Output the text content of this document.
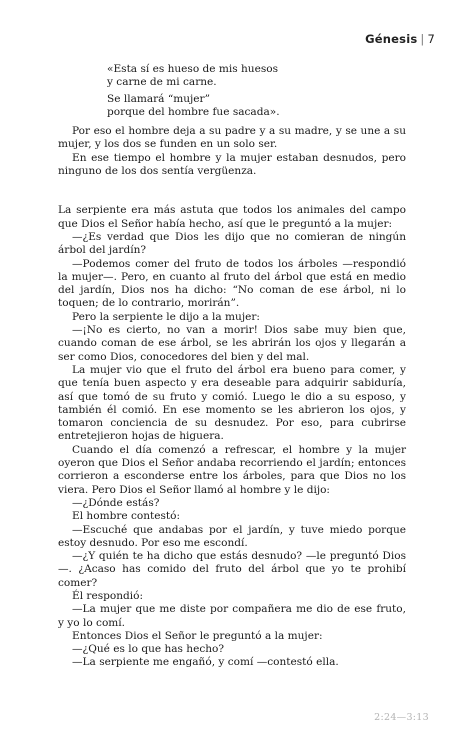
Génesis | 7
«Esta sí es hueso de mis huesos
y carne de mi carne.
Se llamará “mujer”
porque del hombre fue sacada».

Por eso el hombre deja a su padre y a su madre, y se une a su mujer, y los dos se funden en un solo ser.

En ese tiempo el hombre y la mujer estaban desnudos, pero ninguno de los dos sentía vergüenza.

La serpiente era más astuta que todos los animales del campo que Dios el Señor había hecho, así que le preguntó a la mujer:

—¿Es verdad que Dios les dijo que no comieran de ningún árbol del jardín?

—Podemos comer del fruto de todos los árboles —respondió la mujer—. Pero, en cuanto al fruto del árbol que está en medio del jardín, Dios nos ha dicho: “No coman de ese árbol, ni lo toquen; de lo contrario, morirán”.

Pero la serpiente le dijo a la mujer:

—¡No es cierto, no van a morir! Dios sabe muy bien que, cuando coman de ese árbol, se les abrirán los ojos y llegarán a ser como Dios, conocedores del bien y del mal.

La mujer vio que el fruto del árbol era bueno para comer, y que tenía buen aspecto y era deseable para adquirir sabiduría, así que tomó de su fruto y comió. Luego le dio a su esposo, y también él comió. En ese momento se les abrieron los ojos, y tomaron conciencia de su desnudez. Por eso, para cubrirse entretejieron hojas de higuera.

Cuando el día comenzó a refrescar, el hombre y la mujer oyeron que Dios el Señor andaba recorriendo el jardín; entonces corrieron a esconderse entre los árboles, para que Dios no los viera. Pero Dios el Señor llamó al hombre y le dijo:

—¿Dónde estás?

El hombre contestó:

—Escuché que andabas por el jardín, y tuve miedo porque estoy desnudo. Por eso me escondí.

—¿Y quién te ha dicho que estás desnudo? —le preguntó Dios—. ¿Acaso has comido del fruto del árbol que yo te prohibí comer?

Él respondió:

—La mujer que me diste por compañera me dio de ese fruto, y yo lo comí.

Entonces Dios el Señor le preguntó a la mujer:

—¿Qué es lo que has hecho?

—La serpiente me engañó, y comí —contestó ella.

2:24—3:13
